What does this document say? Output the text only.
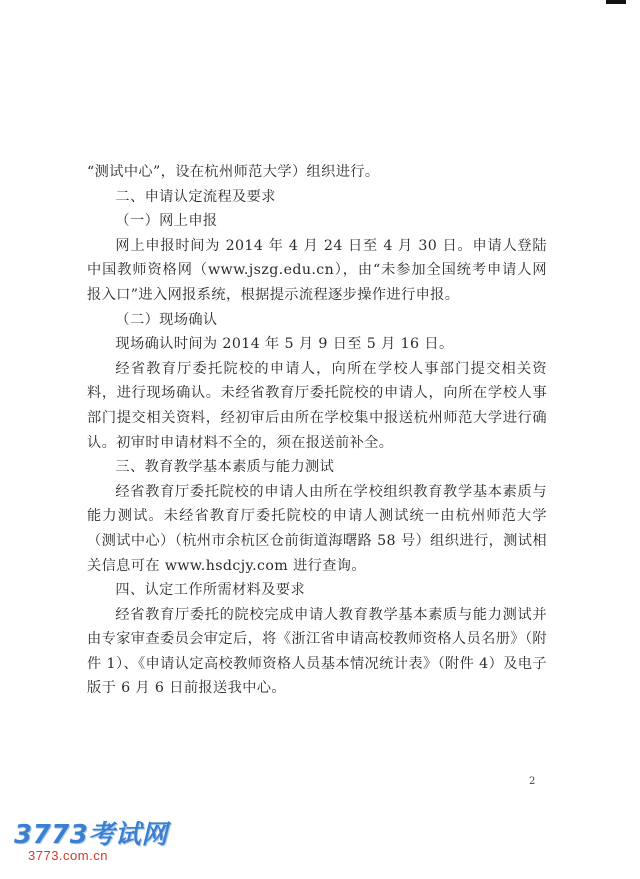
“测试中心”，设在杭州师范大学）组织进行。

二、申请认定流程及要求

（一）网上申报

网上申报时间为 2014 年 4 月 24 日至 4 月 30 日。申请人登陆中国教师资格网（www.jszg.edu.cn），由“未参加全国统考申请人网报入口”进入网报系统，根据提示流程逐步操作进行申报。

（二）现场确认

现场确认时间为 2014 年 5 月 9 日至 5 月 16 日。

经省教育厅委托院校的申请人，向所在学校人事部门提交相关资料，进行现场确认。未经省教育厅委托院校的申请人，向所在学校人事部门提交相关资料，经初审后由所在学校集中报送杭州师范大学进行确认。初审时申请材料不全的，须在报送前补全。

三、教育教学基本素质与能力测试

经省教育厅委托院校的申请人由所在学校组织教育教学基本素质与能力测试。未经省教育厅委托院校的申请人测试统一由杭州师范大学（测试中心）（杭州市余杭区仓前街道海曙路 58 号）组织进行，测试相关信息可在 www.hsdcjy.com 进行查询。

四、认定工作所需材料及要求

经省教育厅委托的院校完成申请人教育教学基本素质与能力测试并由专家审查委员会审定后，将《浙江省申请高校教师资格人员名册》（附件 1）、《申请认定高校教师资格人员基本情况统计表》（附件 4）及电子版于 6 月 6 日前报送我中心。

2
3773考试网
3773.com.cn
